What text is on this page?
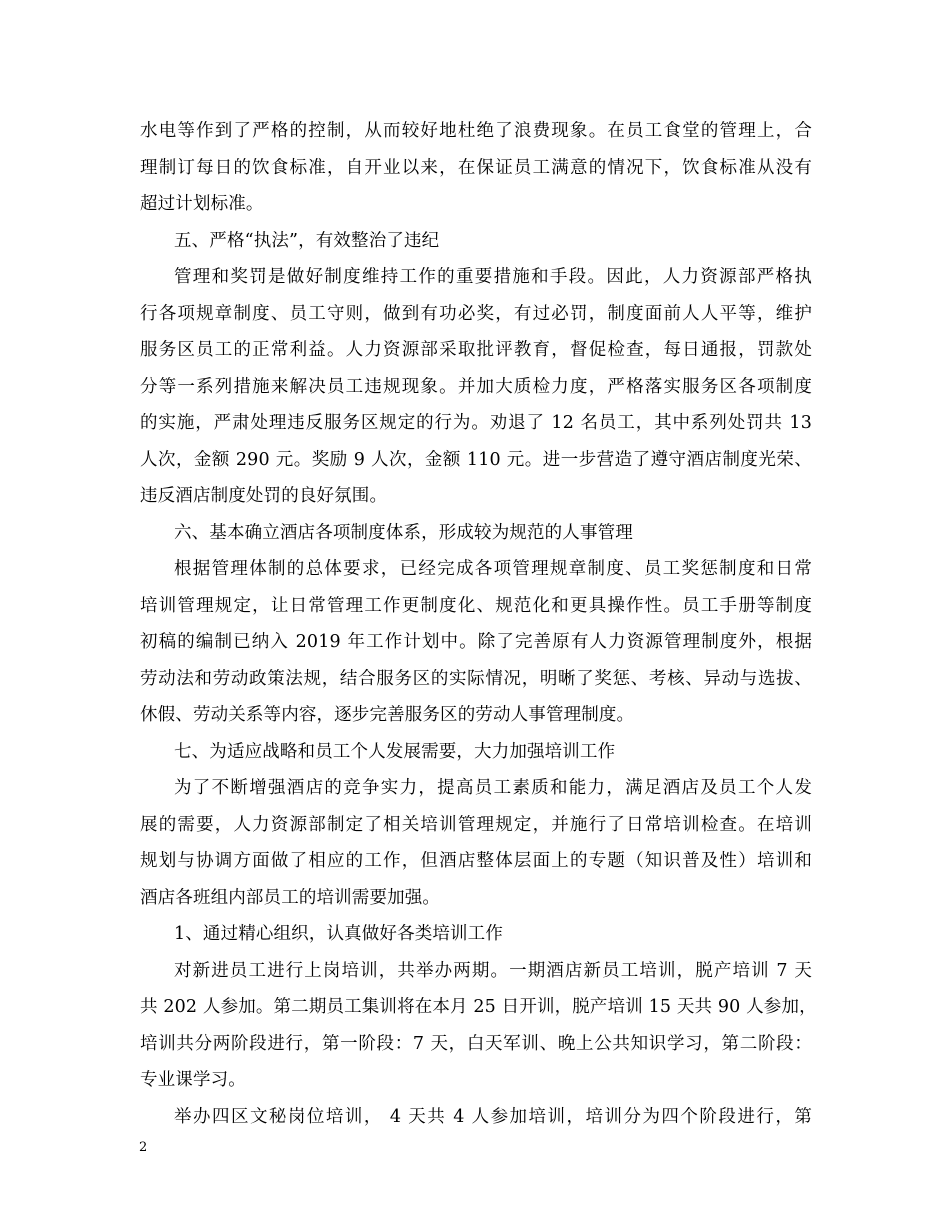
水电等作到了严格的控制，从而较好地杜绝了浪费现象。在员工食堂的管理上，合
理制订每日的饮食标准，自开业以来，在保证员工满意的情况下，饮食标准从没有
超过计划标准。
五、严格“执法”，有效整治了违纪
管理和奖罚是做好制度维持工作的重要措施和手段。因此，人力资源部严格执
行各项规章制度、员工守则，做到有功必奖，有过必罚，制度面前人人平等，维护
服务区员工的正常利益。人力资源部采取批评教育，督促检查，每日通报，罚款处
分等一系列措施来解决员工违规现象。并加大质检力度，严格落实服务区各项制度
的实施，严肃处理违反服务区规定的行为。劝退了 12 名员工，其中系列处罚共 13
人次，金额 290 元。奖励 9 人次，金额 110 元。进一步营造了遵守酒店制度光荣、
违反酒店制度处罚的良好氛围。
六、基本确立酒店各项制度体系，形成较为规范的人事管理
根据管理体制的总体要求，已经完成各项管理规章制度、员工奖惩制度和日常
培训管理规定，让日常管理工作更制度化、规范化和更具操作性。员工手册等制度
初稿的编制已纳入 2019 年工作计划中。除了完善原有人力资源管理制度外，根据
劳动法和劳动政策法规，结合服务区的实际情况，明晰了奖惩、考核、异动与选拔、
休假、劳动关系等内容，逐步完善服务区的劳动人事管理制度。
七、为适应战略和员工个人发展需要，大力加强培训工作
为了不断增强酒店的竞争实力，提高员工素质和能力，满足酒店及员工个人发
展的需要，人力资源部制定了相关培训管理规定，并施行了日常培训检查。在培训
规划与协调方面做了相应的工作，但酒店整体层面上的专题（知识普及性）培训和
酒店各班组内部员工的培训需要加强。
1、通过精心组织，认真做好各类培训工作
对新进员工进行上岗培训，共举办两期。一期酒店新员工培训，脱产培训 7 天
共 202 人参加。第二期员工集训将在本月 25 日开训，脱产培训 15 天共 90 人参加，
培训共分两阶段进行，第一阶段：7 天，白天军训、晚上公共知识学习，第二阶段：
专业课学习。
举办四区文秘岗位培训， 4 天共 4 人参加培训，培训分为四个阶段进行，第
2
